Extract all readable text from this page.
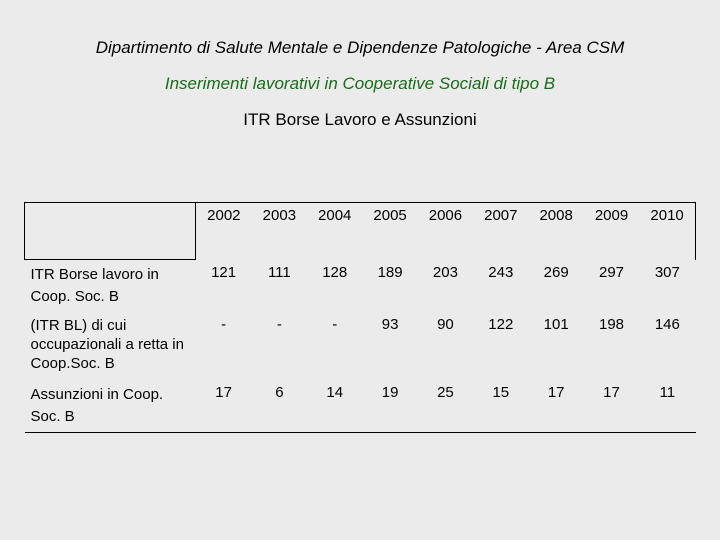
Dipartimento di Salute Mentale e Dipendenze Patologiche - Area CSM
Inserimenti lavorativi in Cooperative Sociali di tipo B
ITR Borse Lavoro e Assunzioni
	2002	2003	2004	2005	2006	2007	2008	2009	2010
ITR Borse lavoro in Coop. Soc. B	121	111	128	189	203	243	269	297	307
(ITR BL) di cui occupazionali a retta in Coop.Soc. B	-	-	-	93	90	122	101	198	146
Assunzioni in Coop. Soc. B	17	6	14	19	25	15	17	17	11
